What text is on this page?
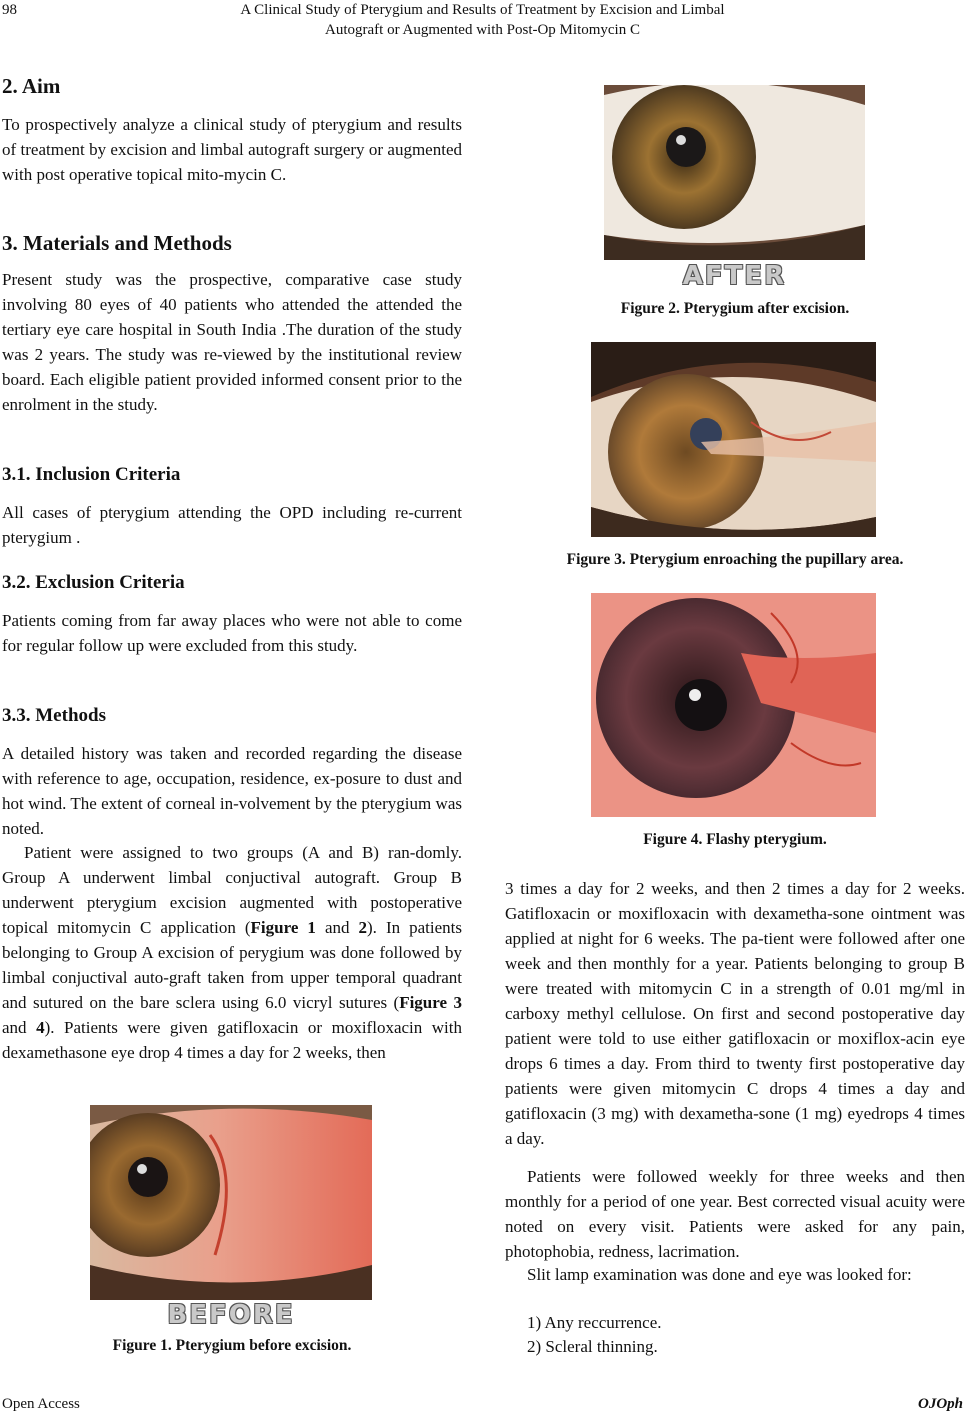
98	A Clinical Study of Pterygium and Results of Treatment by Excision and Limbal
Autograft or Augmented with Post-Op Mitomycin C
2. Aim

To prospectively analyze a clinical study of pterygium and results of treatment by excision and limbal autograft surgery or augmented with post operative topical mito-mycin C.

3. Materials and Methods

Present study was the prospective, comparative case study involving 80 eyes of 40 patients who attended the attended the tertiary eye care hospital in South India .The duration of the study was 2 years. The study was re-viewed by the institutional review board. Each eligible patient provided informed consent prior to the enrolment in the study.

3.1. Inclusion Criteria

All cases of pterygium attending the OPD including re-current pterygium .

3.2. Exclusion Criteria

Patients coming from far away places who were not able to come for regular follow up were excluded from this study.

3.3. Methods

A detailed history was taken and recorded regarding the disease with reference to age, occupation, residence, ex-posure to dust and hot wind. The extent of corneal in-volvement by the pterygium was noted.

Patient were assigned to two groups (A and B) ran-domly. Group A underwent limbal conjuctival autograft. Group B underwent pterygium excision augmented with postoperative topical mitomycin C application (Figure 1 and 2). In patients belonging to Group A excision of perygium was done followed by limbal conjuctival auto-graft taken from upper temporal quadrant and sutured on the bare sclera using 6.0 vicryl sutures (Figure 3 and 4). Patients were given gatifloxacin or moxifloxacin with dexamethasone eye drop 4 times a day for 2 weeks, then

BEFORE
Figure 1. Pterygium before excision.
AFTER
Figure 2. Pterygium after excision.
Figure 3. Pterygium enroaching the pupillary area.
Figure 4. Flashy pterygium.

3 times a day for 2 weeks, and then 2 times a day for 2 weeks. Gatifloxacin or moxifloxacin with dexametha-sone ointment was applied at night for 6 weeks. The pa-tient were followed after one week and then monthly for a year. Patients belonging to group B were treated with mitomycin C in a strength of 0.01 mg/ml in carboxy methyl cellulose. On first and second postoperative day patient were told to use either gatifloxacin or moxiflox-acin eye drops 6 times a day. From third to twenty first postoperative day patients were given mitomycin C drops 4 times a day and gatifloxacin (3 mg) with dexametha-sone (1 mg) eyedrops 4 times a day.

Patients were followed weekly for three weeks and then monthly for a period of one year. Best corrected visual acuity were noted on every visit. Patients were asked for any pain, photophobia, redness, lacrimation.

Slit lamp examination was done and eye was looked for:

1) Any reccurrence.

2) Scleral thinning.

Open Access	OJOph
